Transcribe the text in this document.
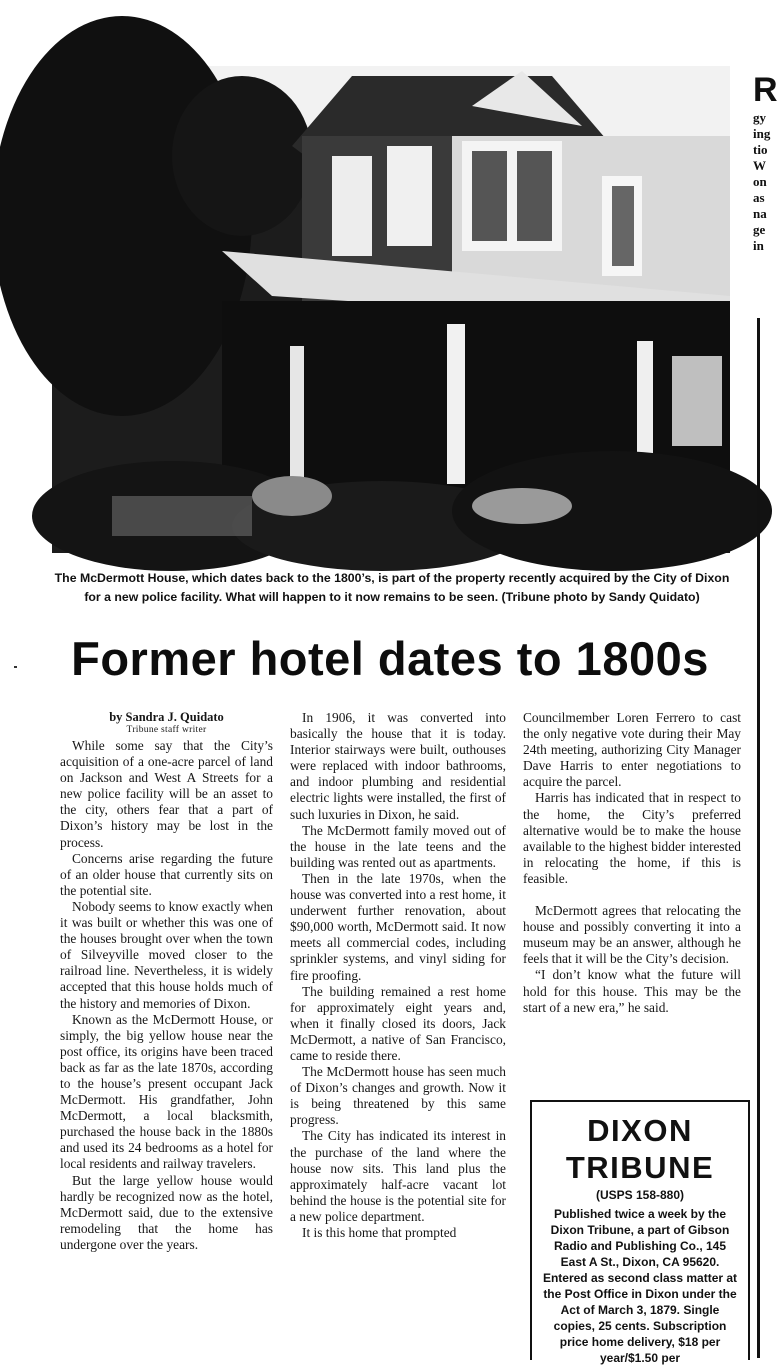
R
gy
ing
tio
W
on
as
na
ge
in
The McDermott House, which dates back to the 1800’s, is part of the property recently acquired by the City of Dixon for a new police facility. What will happen to it now remains to be seen. (Tribune photo by Sandy Quidato)
Former hotel dates to 1800s
by Sandra J. Quidato
Tribune staff writer

While some say that the City’s acquisition of a one-acre parcel of land on Jackson and West A Streets for a new police facility will be an asset to the city, others fear that a part of Dixon’s history may be lost in the process.

Concerns arise regarding the future of an older house that currently sits on the potential site.

Nobody seems to know exactly when it was built or whether this was one of the houses brought over when the town of Silveyville moved closer to the railroad line. Nevertheless, it is widely accepted that this house holds much of the history and memories of Dixon.

Known as the McDermott House, or simply, the big yellow house near the post office, its origins have been traced back as far as the late 1870s, according to the house’s present occupant Jack McDermott. His grandfather, John McDermott, a local blacksmith, purchased the house back in the 1880s and used its 24 bedrooms as a hotel for local residents and railway travelers.

But the large yellow house would hardly be recognized now as the hotel, McDermott said, due to the extensive remodeling that the home has undergone over the years.

In 1906, it was converted into basically the house that it is today. Interior stairways were built, outhouses were replaced with indoor bathrooms, and indoor plumbing and residential electric lights were installed, the first of such luxuries in Dixon, he said.

The McDermott family moved out of the house in the late teens and the building was rented out as apartments.

Then in the late 1970s, when the house was converted into a rest home, it underwent further renovation, about $90,000 worth, McDermott said. It now meets all commercial codes, including sprinkler systems, and vinyl siding for fire proofing.

The building remained a rest home for approximately eight years and, when it finally closed its doors, Jack McDermott, a native of San Francisco, came to reside there.

The McDermott house has seen much of Dixon’s changes and growth. Now it is being threatened by this same progress.

The City has indicated its interest in the purchase of the land where the house now sits. This land plus the approximately half-acre vacant lot behind the house is the potential site for a new police department.

It is this home that prompted

Councilmember Loren Ferrero to cast the only negative vote during their May 24th meeting, authorizing City Manager Dave Harris to enter negotiations to acquire the parcel.

Harris has indicated that in respect to the home, the City’s preferred alternative would be to make the house available to the highest bidder interested in relocating the home, if this is feasible.

McDermott agrees that relocating the house and possibly converting it into a museum may be an answer, although he feels that it will be the City’s decision.

“I don’t know what the future will hold for this house. This may be the start of a new era,” he said.

DIXON
TRIBUNE
(USPS 158-880)
Published twice a week by the Dixon Tribune, a part of Gibson Radio and Publishing Co., 145 East A St., Dixon, CA 95620. Entered as second class matter at the Post Office in Dixon under the Act of March 3, 1879. Single copies, 25 cents. Subscription price home delivery, $18 per year/$1.50 per
